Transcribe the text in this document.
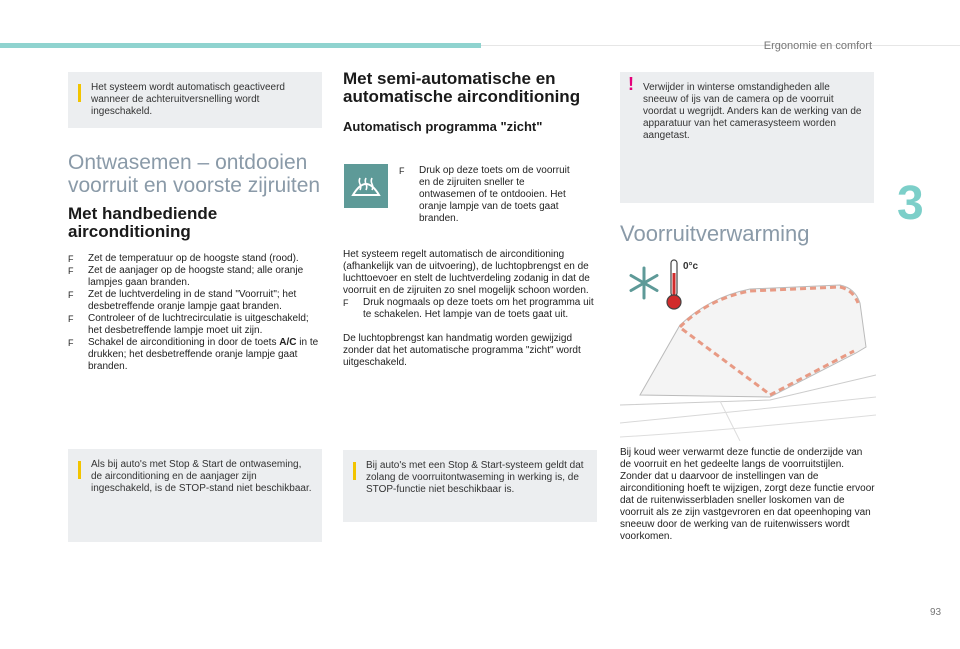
Ergonomie en comfort
3
93

Het systeem wordt automatisch geactiveerd wanneer de achteruitversnelling wordt ingeschakeld.

Ontwasemen – ontdooien
voorruit en voorste zijruiten
Met handbediende
airconditioning
F Zet de temperatuur op de hoogste stand (rood).
F Zet de aanjager op de hoogste stand; alle oranje lampjes gaan branden.
F Zet de luchtverdeling in de stand "Voorruit"; het desbetreffende oranje lampje gaat branden.
F Controleer of de luchtrecirculatie is uitgeschakeld; het desbetreffende lampje moet uit zijn.
F Schakel de airconditioning in door de toets A/C in te drukken; het desbetreffende oranje lampje gaat branden.

Als bij auto's met Stop & Start de ontwaseming, de airconditioning en de aanjager zijn ingeschakeld, is de STOP-stand niet beschikbaar.

Met semi-automatische en
automatische airconditioning
Automatisch programma "zicht"
F Druk op deze toets om de voorruit en de zijruiten sneller te ontwasemen of te ontdooien. Het oranje lampje van de toets gaat branden.

Het systeem regelt automatisch de airconditioning (afhankelijk van de uitvoering), de luchtopbrengst en de luchttoevoer en stelt de luchtverdeling zodanig in dat de voorruit en de zijruiten zo snel mogelijk schoon worden.

F Druk nogmaals op deze toets om het programma uit te schakelen. Het lampje van de toets gaat uit.

De luchtopbrengst kan handmatig worden gewijzigd zonder dat het automatische programma "zicht" wordt uitgeschakeld.

Bij auto's met een Stop & Start-systeem geldt dat zolang de voorruitontwaseming in werking is, de STOP-functie niet beschikbaar is.

! Verwijder in winterse omstandigheden alle sneeuw of ijs van de camera op de voorruit voordat u wegrijdt. Anders kan de werking van de apparatuur van het camerasysteem worden aangetast.

Voorruitverwarming
0°c

Bij koud weer verwarmt deze functie de onderzijde van de voorruit en het gedeelte langs de voorruitstijlen. Zonder dat u daarvoor de instellingen van de airconditioning hoeft te wijzigen, zorgt deze functie ervoor dat de ruitenwisserbladen sneller loskomen van de voorruit als ze zijn vastgevroren en dat opeenhoping van sneeuw door de werking van de ruitenwissers wordt voorkomen.
